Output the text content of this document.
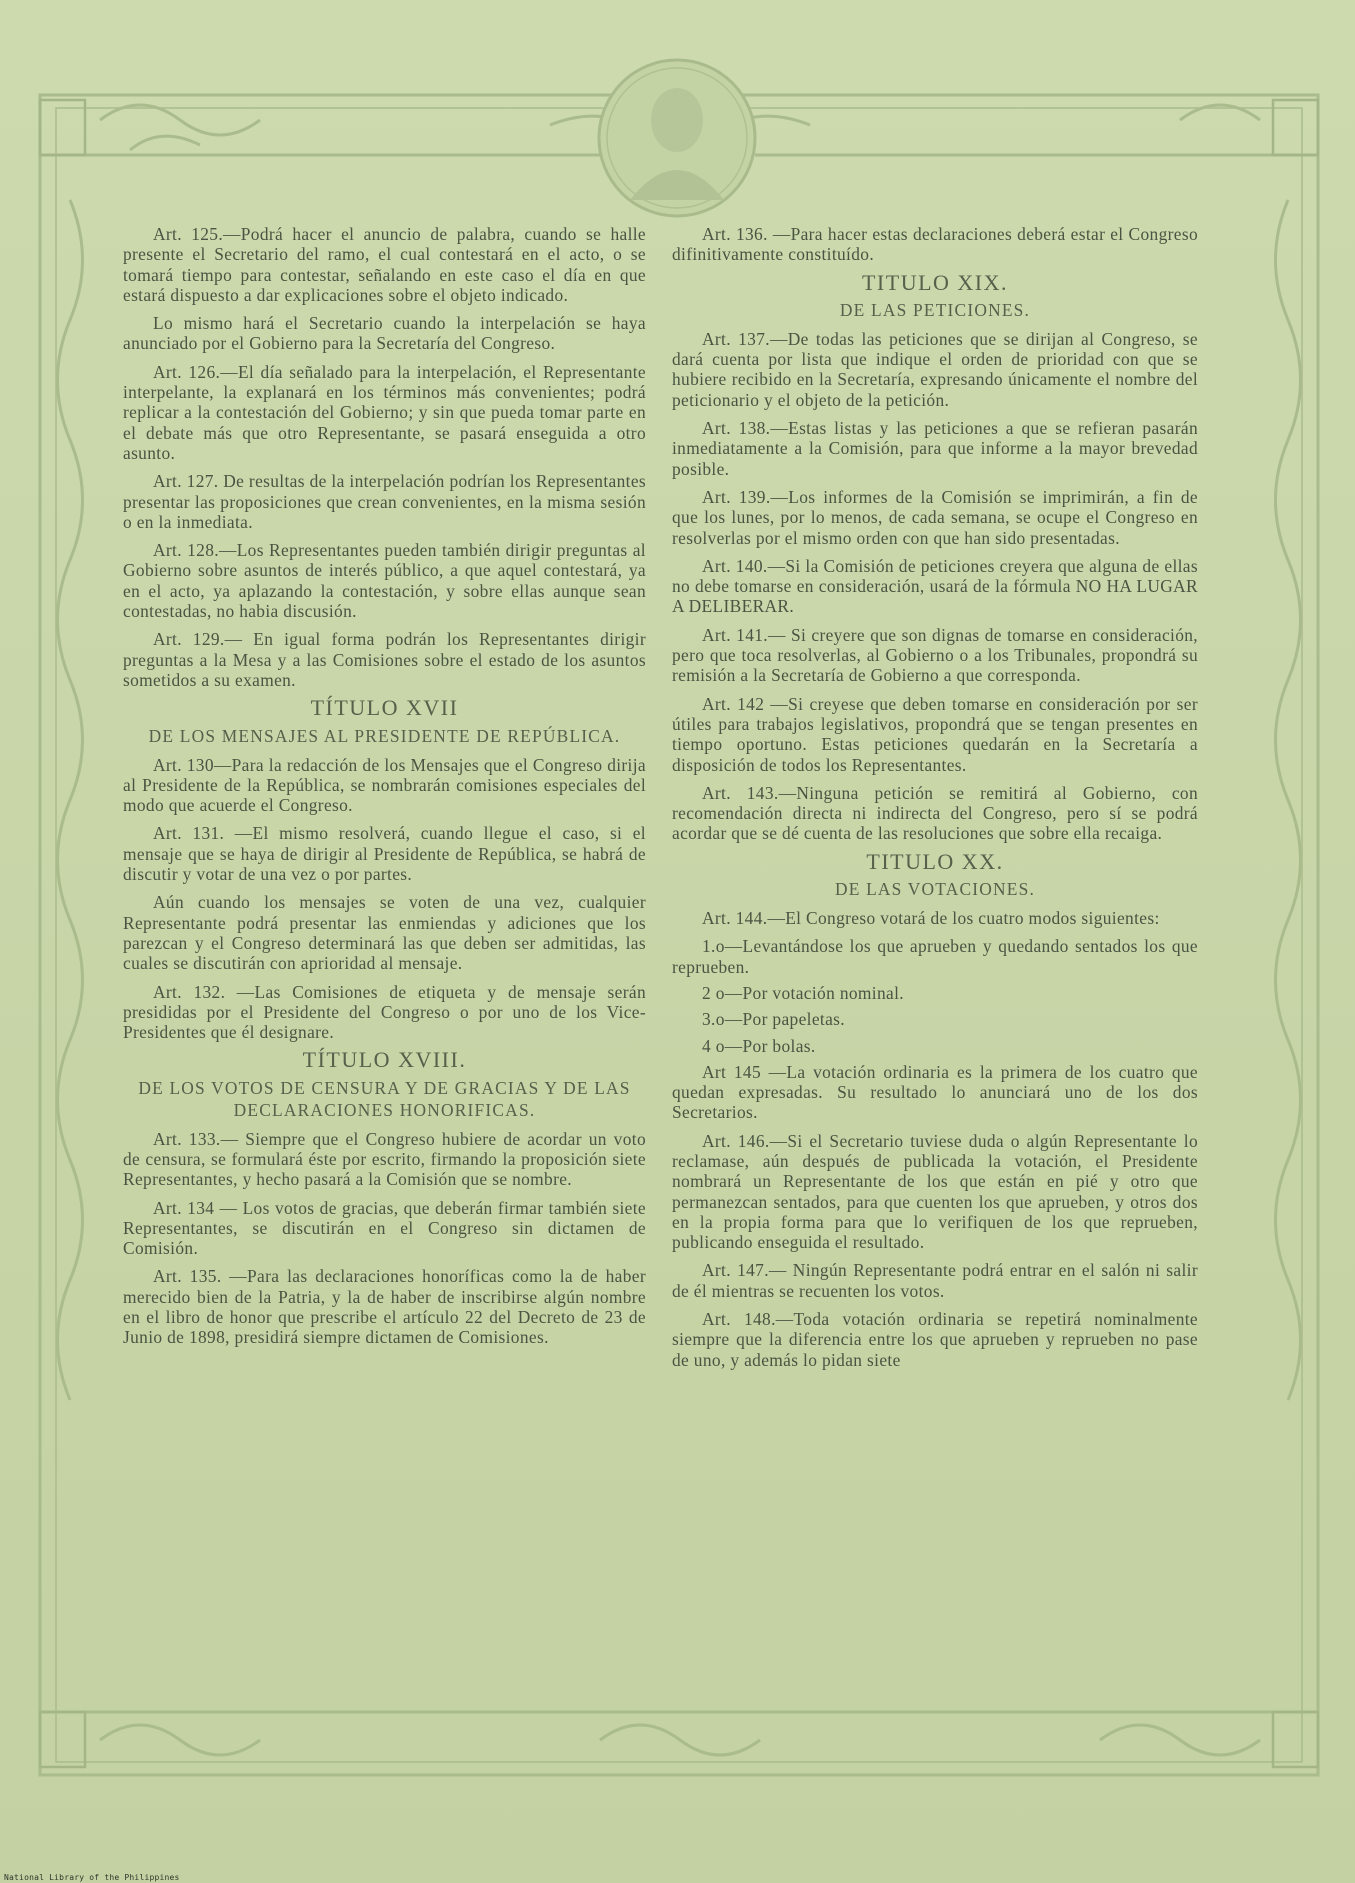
Art. 125.—Podrá hacer el anuncio de palabra, cuando se halle presente el Secretario del ramo, el cual contestará en el acto, o se tomará tiempo para contestar, señalando en este caso el día en que estará dispuesto a dar explicaciones sobre el objeto indicado.
Lo mismo hará el Secretario cuando la interpelación se haya anunciado por el Gobierno para la Secretaría del Congreso.
Art. 126.—El día señalado para la interpelación, el Representante interpelante, la explanará en los términos más convenientes; podrá replicar a la contestación del Gobierno; y sin que pueda tomar parte en el debate más que otro Representante, se pasará enseguida a otro asunto.
Art. 127. De resultas de la interpelación podrían los Representantes presentar las proposiciones que crean convenientes, en la misma sesión o en la inmediata.
Art. 128.—Los Representantes pueden también dirigir preguntas al Gobierno sobre asuntos de interés público, a que aquel contestará, ya en el acto, ya aplazando la contestación, y sobre ellas aunque sean contestadas, no habia discusión.
Art. 129.— En igual forma podrán los Representantes dirigir preguntas a la Mesa y a las Comisiones sobre el estado de los asuntos sometidos a su examen.
TÍTULO XVII
DE LOS MENSAJES AL PRESIDENTE DE REPÚBLICA.
Art. 130—Para la redacción de los Mensajes que el Congreso dirija al Presidente de la República, se nombrarán comisiones especiales del modo que acuerde el Congreso.
Art. 131. —El mismo resolverá, cuando llegue el caso, si el mensaje que se haya de dirigir al Presidente de República, se habrá de discutir y votar de una vez o por partes.
Aún cuando los mensajes se voten de una vez, cualquier Representante podrá presentar las enmiendas y adiciones que los parezcan y el Congreso determinará las que deben ser admitidas, las cuales se discutirán con aprioridad al mensaje.
Art. 132. —Las Comisiones de etiqueta y de mensaje serán presididas por el Presidente del Congreso o por uno de los Vice-Presidentes que él designare.
TÍTULO XVIII.
DE LOS VOTOS DE CENSURA Y DE GRACIAS Y DE LAS DECLARACIONES HONORIFICAS.
Art. 133.— Siempre que el Congreso hubiere de acordar un voto de censura, se formulará éste por escrito, firmando la proposición siete Representantes, y hecho pasará a la Comisión que se nombre.
Art. 134 — Los votos de gracias, que deberán firmar también siete Representantes, se discutirán en el Congreso sin dictamen de Comisión.
Art. 135. —Para las declaraciones honoríficas como la de haber merecido bien de la Patria, y la de haber de inscribirse algún nombre en el libro de honor que prescribe el artículo 22 del Decreto de 23 de Junio de 1898, presidirá siempre dictamen de Comisiones.
Art. 136. —Para hacer estas declaraciones deberá estar el Congreso difinitivamente constituído.
TITULO XIX.
DE LAS PETICIONES.
Art. 137.—De todas las peticiones que se dirijan al Congreso, se dará cuenta por lista que indique el orden de prioridad con que se hubiere recibido en la Secretaría, expresando únicamente el nombre del peticionario y el objeto de la petición.
Art. 138.—Estas listas y las peticiones a que se refieran pasarán inmediatamente a la Comisión, para que informe a la mayor brevedad posible.
Art. 139.—Los informes de la Comisión se imprimirán, a fin de que los lunes, por lo menos, de cada semana, se ocupe el Congreso en resolverlas por el mismo orden con que han sido presentadas.
Art. 140.—Si la Comisión de peticiones creyera que alguna de ellas no debe tomarse en consideración, usará de la fórmula NO HA LUGAR A DELIBERAR.
Art. 141.— Si creyere que son dignas de tomarse en consideración, pero que toca resolverlas, al Gobierno o a los Tribunales, propondrá su remisión a la Secretaría de Gobierno a que corresponda.
Art. 142 —Si creyese que deben tomarse en consideración por ser útiles para trabajos legislativos, propondrá que se tengan presentes en tiempo oportuno. Estas peticiones quedarán en la Secretaría a disposición de todos los Representantes.
Art. 143.—Ninguna petición se remitirá al Gobierno, con recomendación directa ni indirecta del Congreso, pero sí se podrá acordar que se dé cuenta de las resoluciones que sobre ella recaiga.
TITULO XX.
DE LAS VOTACIONES.
Art. 144.—El Congreso votará de los cuatro modos siguientes:
1.o—Levantándose los que aprueben y quedando sentados los que reprueben.
2 o—Por votación nominal.
3.o—Por papeletas.
4 o—Por bolas.
Art 145 —La votación ordinaria es la primera de los cuatro que quedan expresadas. Su resultado lo anunciará uno de los dos Secretarios.
Art. 146.—Si el Secretario tuviese duda o algún Representante lo reclamase, aún después de publicada la votación, el Presidente nombrará un Representante de los que están en pié y otro que permanezcan sentados, para que cuenten los que aprueben, y otros dos en la propia forma para que lo verifiquen de los que reprueben, publicando enseguida el resultado.
Art. 147.— Ningún Representante podrá entrar en el salón ni salir de él mientras se recuenten los votos.
Art. 148.—Toda votación ordinaria se repetirá nominalmente siempre que la diferencia entre los que aprueben y reprueben no pase de uno, y además lo pidan siete
National Library of the Philippines
